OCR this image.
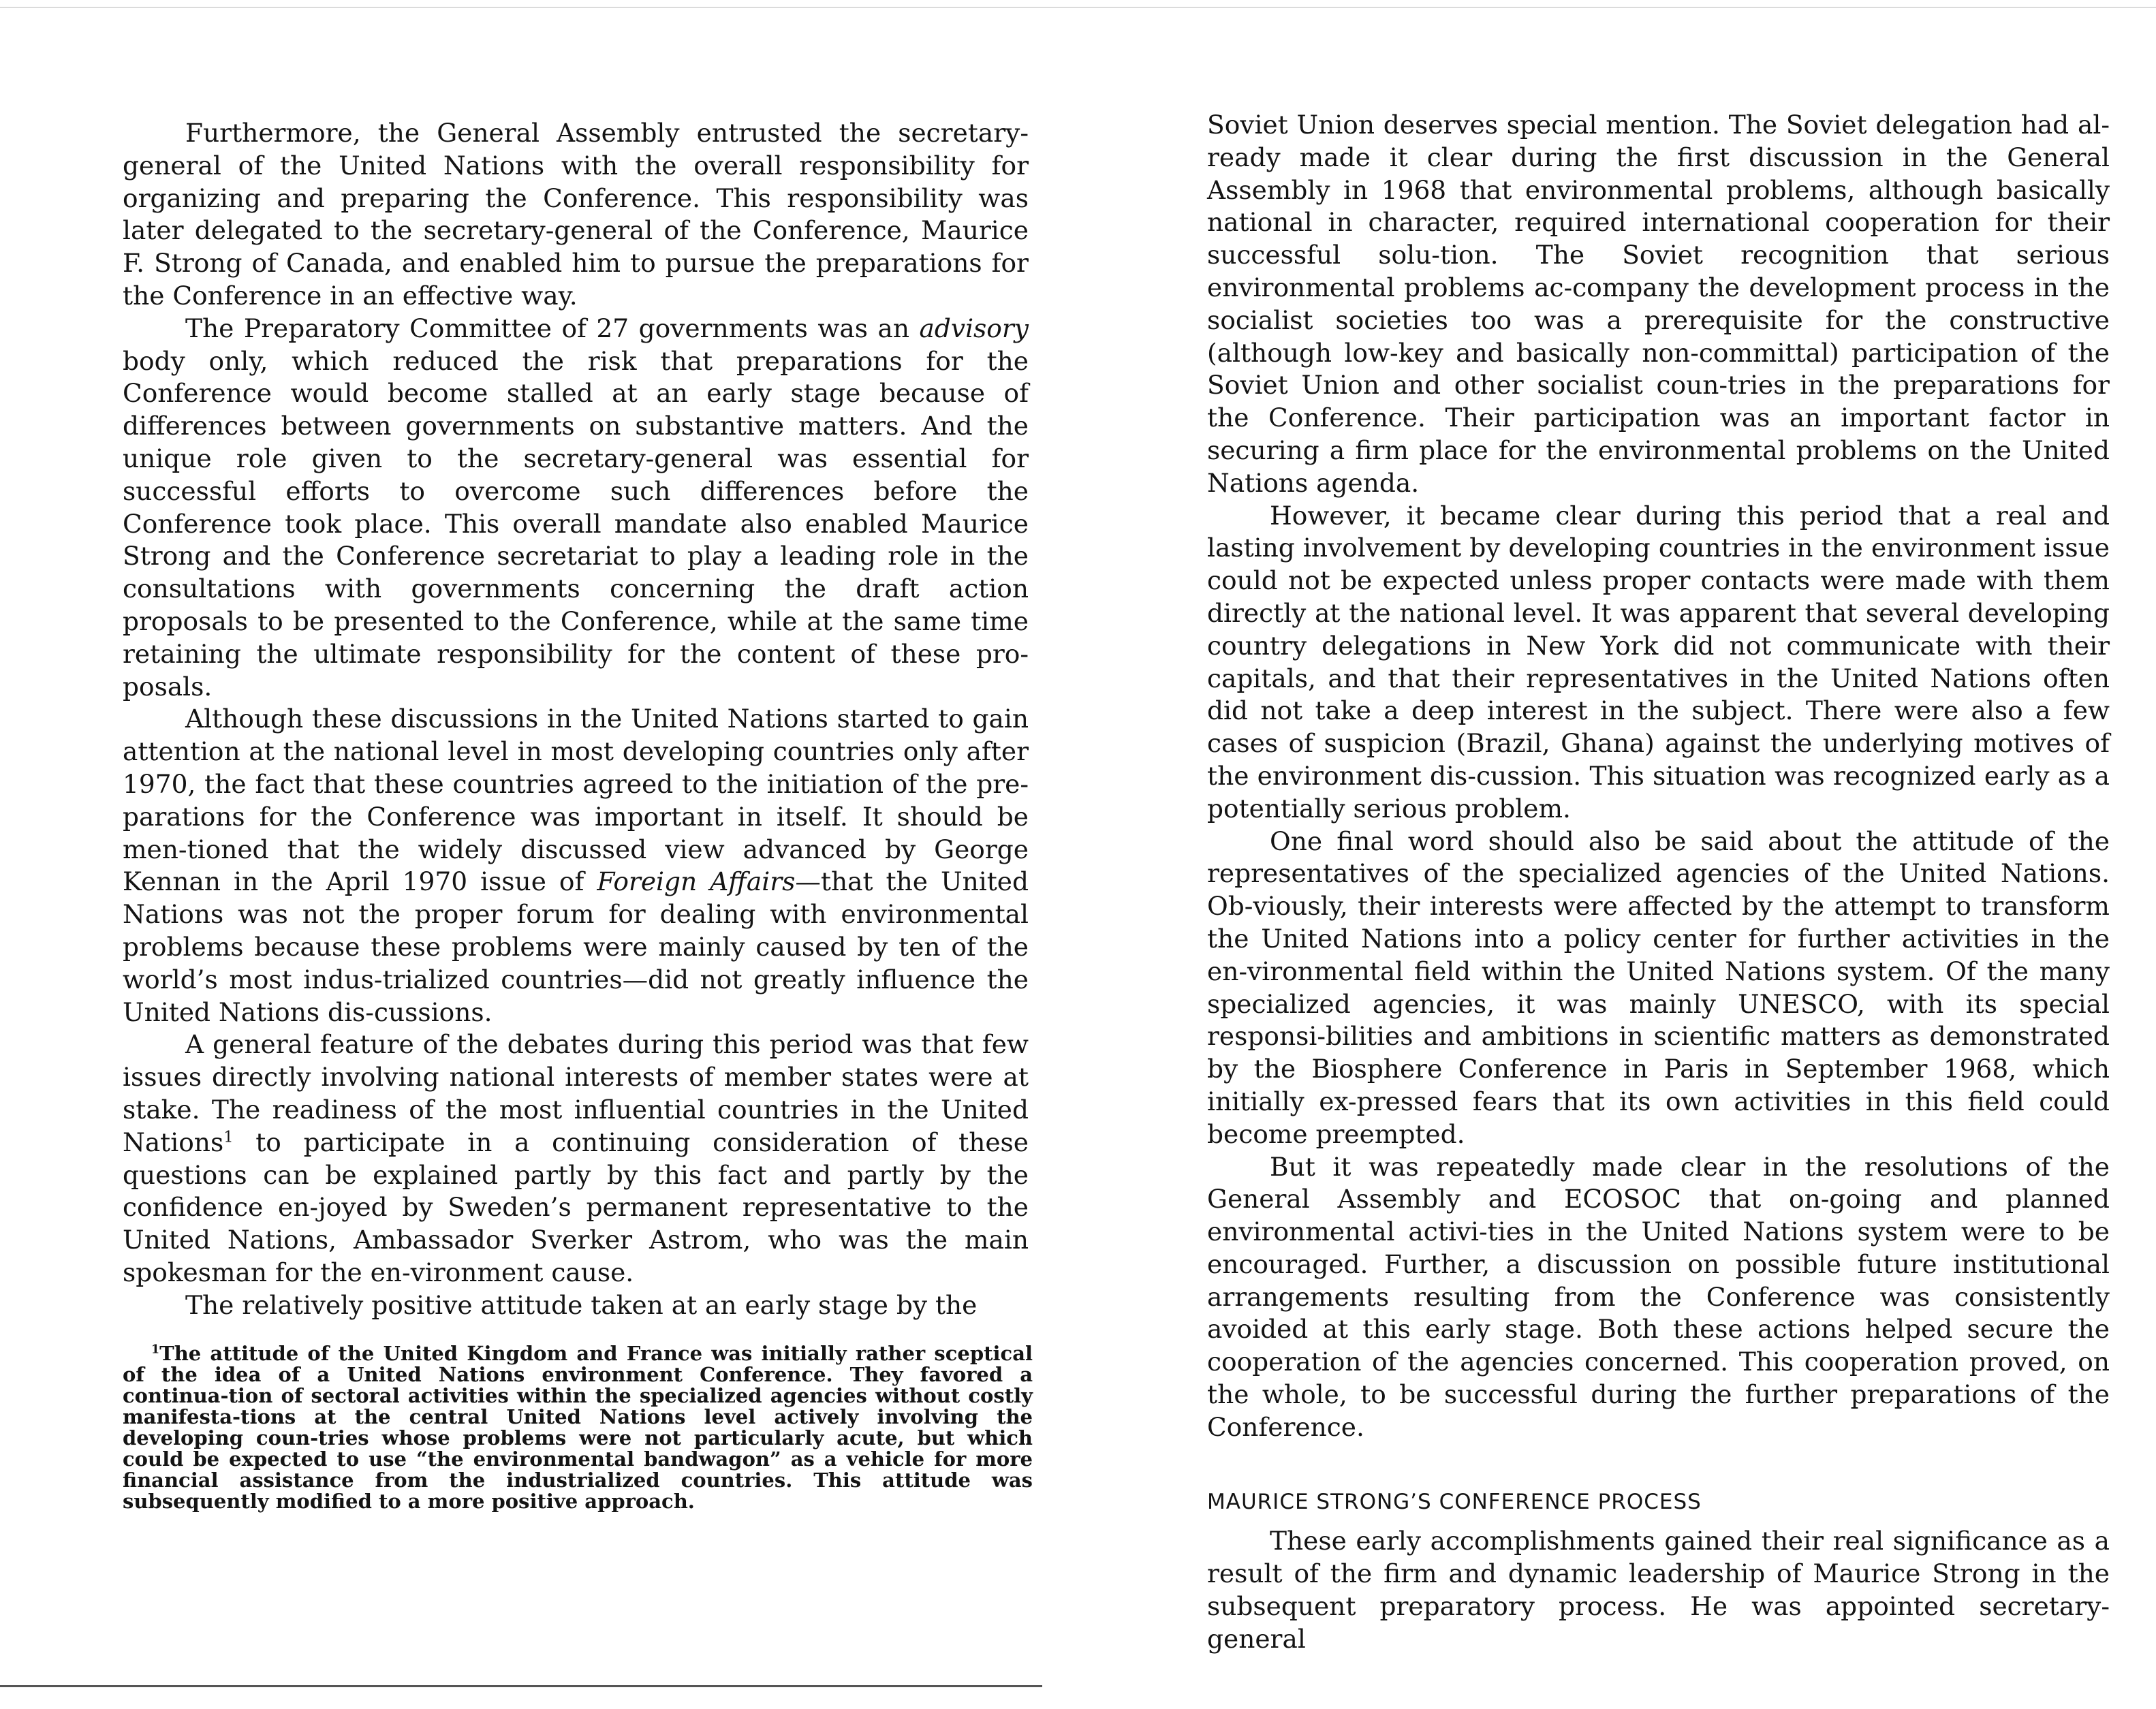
Furthermore, the General Assembly entrusted the secretary-general of the United Nations with the overall responsibility for organizing and preparing the Conference. This responsibility was later delegated to the secretary-general of the Conference, Maurice F. Strong of Canada, and enabled him to pursue the preparations for the Conference in an effective way.

The Preparatory Committee of 27 governments was an advisory body only, which reduced the risk that preparations for the Conference would become stalled at an early stage because of differences between governments on substantive matters. And the unique role given to the secretary-general was essential for successful efforts to overcome such differences before the Conference took place. This overall mandate also enabled Maurice Strong and the Conference secretariat to play a leading role in the consultations with governments concerning the draft action proposals to be presented to the Conference, while at the same time retaining the ultimate responsibility for the content of these pro-posals.

Although these discussions in the United Nations started to gain attention at the national level in most developing countries only after 1970, the fact that these countries agreed to the initiation of the pre-parations for the Conference was important in itself. It should be men-tioned that the widely discussed view advanced by George Kennan in the April 1970 issue of Foreign Affairs—that the United Nations was not the proper forum for dealing with environmental problems because these problems were mainly caused by ten of the world’s most indus-trialized countries—did not greatly influence the United Nations dis-cussions.

A general feature of the debates during this period was that few issues directly involving national interests of member states were at stake. The readiness of the most influential countries in the United Nations$^1$ to participate in a continuing consideration of these questions can be explained partly by this fact and partly by the confidence en-joyed by Sweden’s permanent representative to the United Nations, Ambassador Sverker Astrom, who was the main spokesman for the en-vironment cause.

The relatively positive attitude taken at an early stage by the

$^1$The attitude of the United Kingdom and France was initially rather sceptical of the idea of a United Nations environment Conference. They favored a continua-tion of sectoral activities within the specialized agencies without costly manifesta-tions at the central United Nations level actively involving the developing coun-tries whose problems were not particularly acute, but which could be expected to use “the environmental bandwagon” as a vehicle for more financial assistance from the industrialized countries. This attitude was subsequently modified to a more positive approach.

Soviet Union deserves special mention. The Soviet delegation had al-ready made it clear during the first discussion in the General Assembly in 1968 that environmental problems, although basically national in character, required international cooperation for their successful solu-tion. The Soviet recognition that serious environmental problems ac-company the development process in the socialist societies too was a prerequisite for the constructive (although low-key and basically non-committal) participation of the Soviet Union and other socialist coun-tries in the preparations for the Conference. Their participation was an important factor in securing a firm place for the environmental problems on the United Nations agenda.

However, it became clear during this period that a real and lasting involvement by developing countries in the environment issue could not be expected unless proper contacts were made with them directly at the national level. It was apparent that several developing country delegations in New York did not communicate with their capitals, and that their representatives in the United Nations often did not take a deep interest in the subject. There were also a few cases of suspicion (Brazil, Ghana) against the underlying motives of the environment dis-cussion. This situation was recognized early as a potentially serious problem.

One final word should also be said about the attitude of the representatives of the specialized agencies of the United Nations. Ob-viously, their interests were affected by the attempt to transform the United Nations into a policy center for further activities in the en-vironmental field within the United Nations system. Of the many specialized agencies, it was mainly UNESCO, with its special responsi-bilities and ambitions in scientific matters as demonstrated by the Biosphere Conference in Paris in September 1968, which initially ex-pressed fears that its own activities in this field could become preempted.

But it was repeatedly made clear in the resolutions of the General Assembly and ECOSOC that on-going and planned environmental activi-ties in the United Nations system were to be encouraged. Further, a discussion on possible future institutional arrangements resulting from the Conference was consistently avoided at this early stage. Both these actions helped secure the cooperation of the agencies concerned. This cooperation proved, on the whole, to be successful during the further preparations of the Conference.

MAURICE STRONG’S CONFERENCE PROCESS

These early accomplishments gained their real significance as a result of the firm and dynamic leadership of Maurice Strong in the subsequent preparatory process. He was appointed secretary-general
